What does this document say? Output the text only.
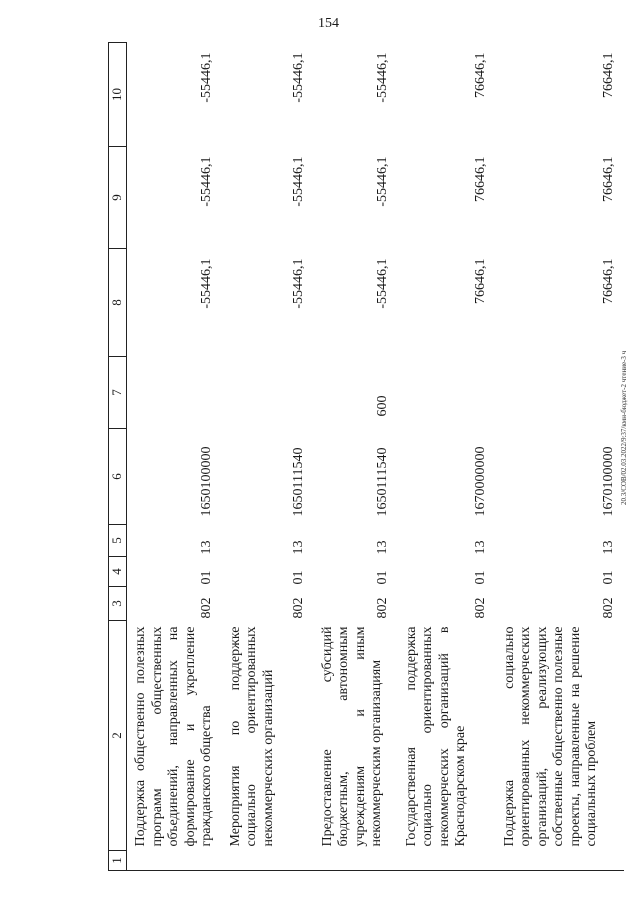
154
20.3/СОВ/02.03.2022/9:37/кмн-бюджет-2 чтение-3 ч
1	2	3	4	5	6	7	8	9	10
	Поддержка общественно полезных программ общественных объединений, направленных на формирование и укрепление гражданского общества	802	01	13	1650100000		-55446,1	-55446,1	-55446,1
	Мероприятия по поддержке социально ориентированных некоммерческих организаций	802	01	13	1650111540		-55446,1	-55446,1	-55446,1
	Предоставление субсидий бюджетным, автономным учреждениям и иным некоммерческим организациям	802	01	13	1650111540	600	-55446,1	-55446,1	-55446,1
	Государственная поддержка социально ориентированных некоммерческих организаций в Краснодарском крае	802	01	13	1670000000		76646,1	76646,1	76646,1
	Поддержка социально ориентированных некоммерческих организаций, реализующих собственные общественно полезные проекты, направленные на решение социальных проблем	802	01	13	1670100000		76646,1	76646,1	76646,1
